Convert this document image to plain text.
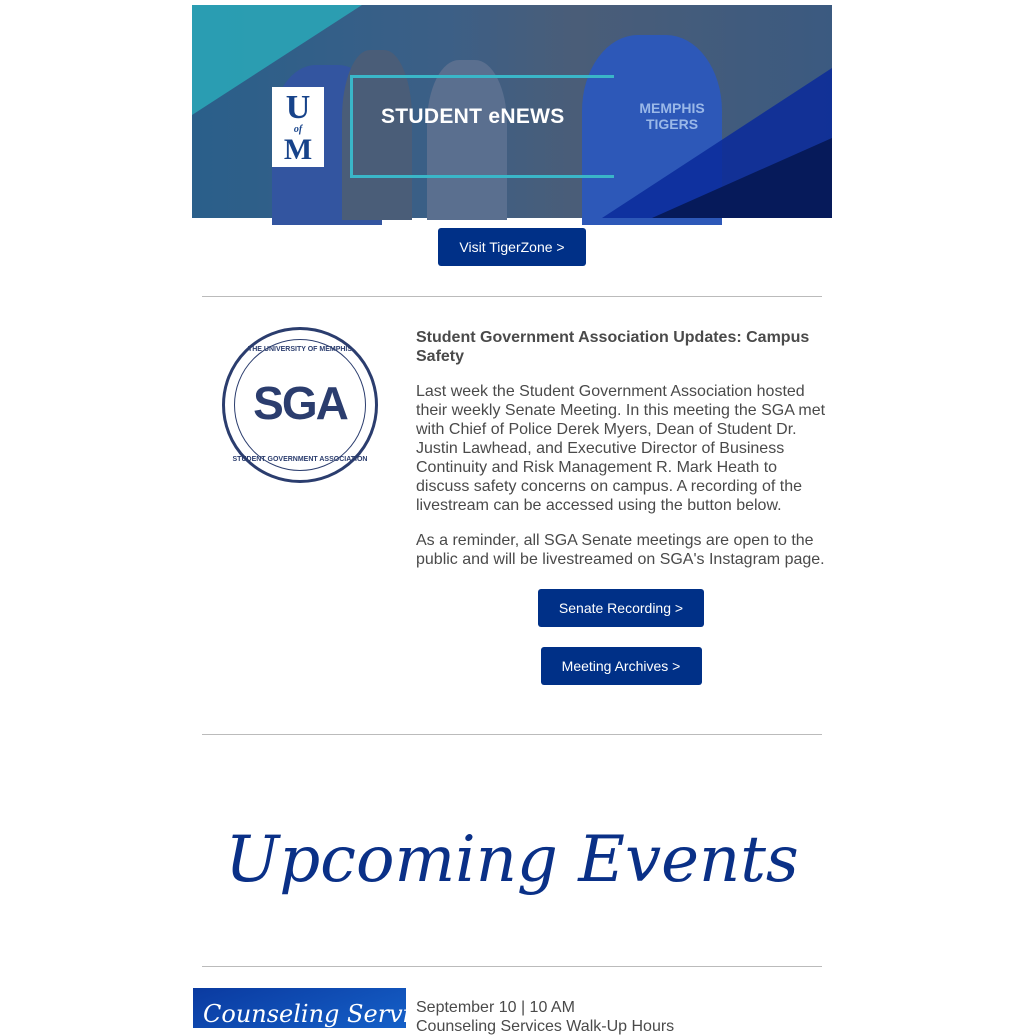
U
of
M
STUDENT eNEWS	MEMPHIS TIGERS
Visit TigerZone >
THE UNIVERSITY OF MEMPHIS
SGA
STUDENT GOVERNMENT ASSOCIATION
Student Government Association Updates: Campus Safety

Last week the Student Government Association hosted their weekly Senate Meeting. In this meeting the SGA met with Chief of Police Derek Myers, Dean of Student Dr. Justin Lawhead, and Executive Director of Business Continuity and Risk Management R. Mark Heath to discuss safety concerns on campus. A recording of the livestream can be accessed using the button below.

As a reminder, all SGA Senate meetings are open to the public and will be livestreamed on SGA's Instagram page.

Senate Recording >
Meeting Archives >
Upcoming Events
Counseling Services
September 10 | 10 AM
Counseling Services Walk-Up Hours
